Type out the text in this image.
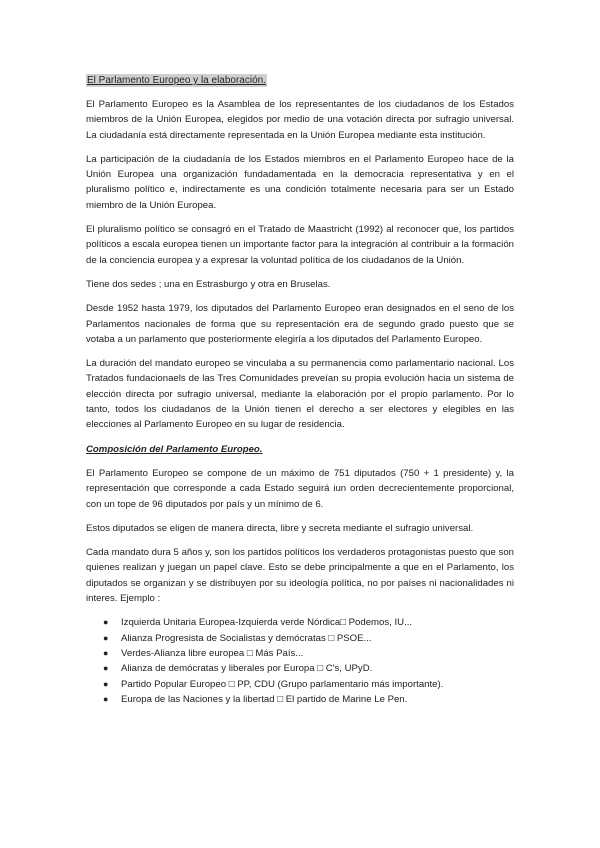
El Parlamento Europeo y la elaboración.

El Parlamento Europeo es la Asamblea de los representantes de los ciudadanos de los Estados miembros de la Unión Europea, elegidos por medio de una votación directa por sufragio universal. La ciudadanía está directamente representada en la Unión Europea mediante esta institución.

La participación de la ciudadanía de los Estados miembros en el Parlamento Europeo hace de la Unión Europea una organización fundadamentada en la democracia representativa y en el pluralismo político e, indirectamente es una condición totalmente necesaria para ser un Estado miembro de la Unión Europea.

El pluralismo político se consagró en el Tratado de Maastricht (1992) al reconocer que, los partidos políticos a escala europea tienen un importante factor para la integración al contribuir a la formación de la conciencia europea y a expresar la voluntad política de los ciudadanos de la Unión.

Tiene dos sedes ; una en Estrasburgo y otra en Bruselas.

Desde 1952 hasta 1979, los diputados del Parlamento Europeo eran designados en el seno de los Parlamentos nacionales de forma que su representación era de segundo grado puesto que se votaba a un parlamento que posteriormente elegiría a los diputados del Parlamento Europeo.

La duración del mandato europeo se vinculaba a su permanencia como parlamentario nacional. Los Tratados fundacionaels de las Tres Comunidades preveían su propia evolución hacia un sistema de elección directa por sufragio universal, mediante la elaboración por el propio parlamento. Por lo tanto, todos los ciudadanos de la Unión tienen el derecho a ser electores y elegibles en las elecciones al Parlamento Europeo en su lugar de residencia.

Composición del Parlamento Europeo.

El Parlamento Europeo se compone de un máximo de 751 diputados (750 + 1 presidente) y, la representación que corresponde a cada Estado seguirá iun orden decrecientemente proporcional, con un tope de 96 diputados por país y un mínimo de 6.

Estos diputados se eligen de manera directa, libre y secreta mediante el sufragio universal.

Cada mandato dura 5 años y, son los partidos políticos los verdaderos protagonistas puesto que son quienes realizan y juegan un papel clave. Esto se debe principalmente a que en el Parlamento, los diputados se organizan y se distribuyen por su ideología política, no por países ni nacionalidades ni interes. Ejemplo :

● Izquierda Unitaria Europea-Izquierda verde Nórdica□ Podemos, IU...
● Alianza Progresista de Socialistas y demócratas □ PSOE...
● Verdes-Alianza libre europea □ Más País...
● Alianza de demócratas y liberales por Europa □ C's, UPyD.
● Partido Popular Europeo □ PP, CDU (Grupo parlamentario más importante).
● Europa de las Naciones y la libertad □ El partido de Marine Le Pen.
